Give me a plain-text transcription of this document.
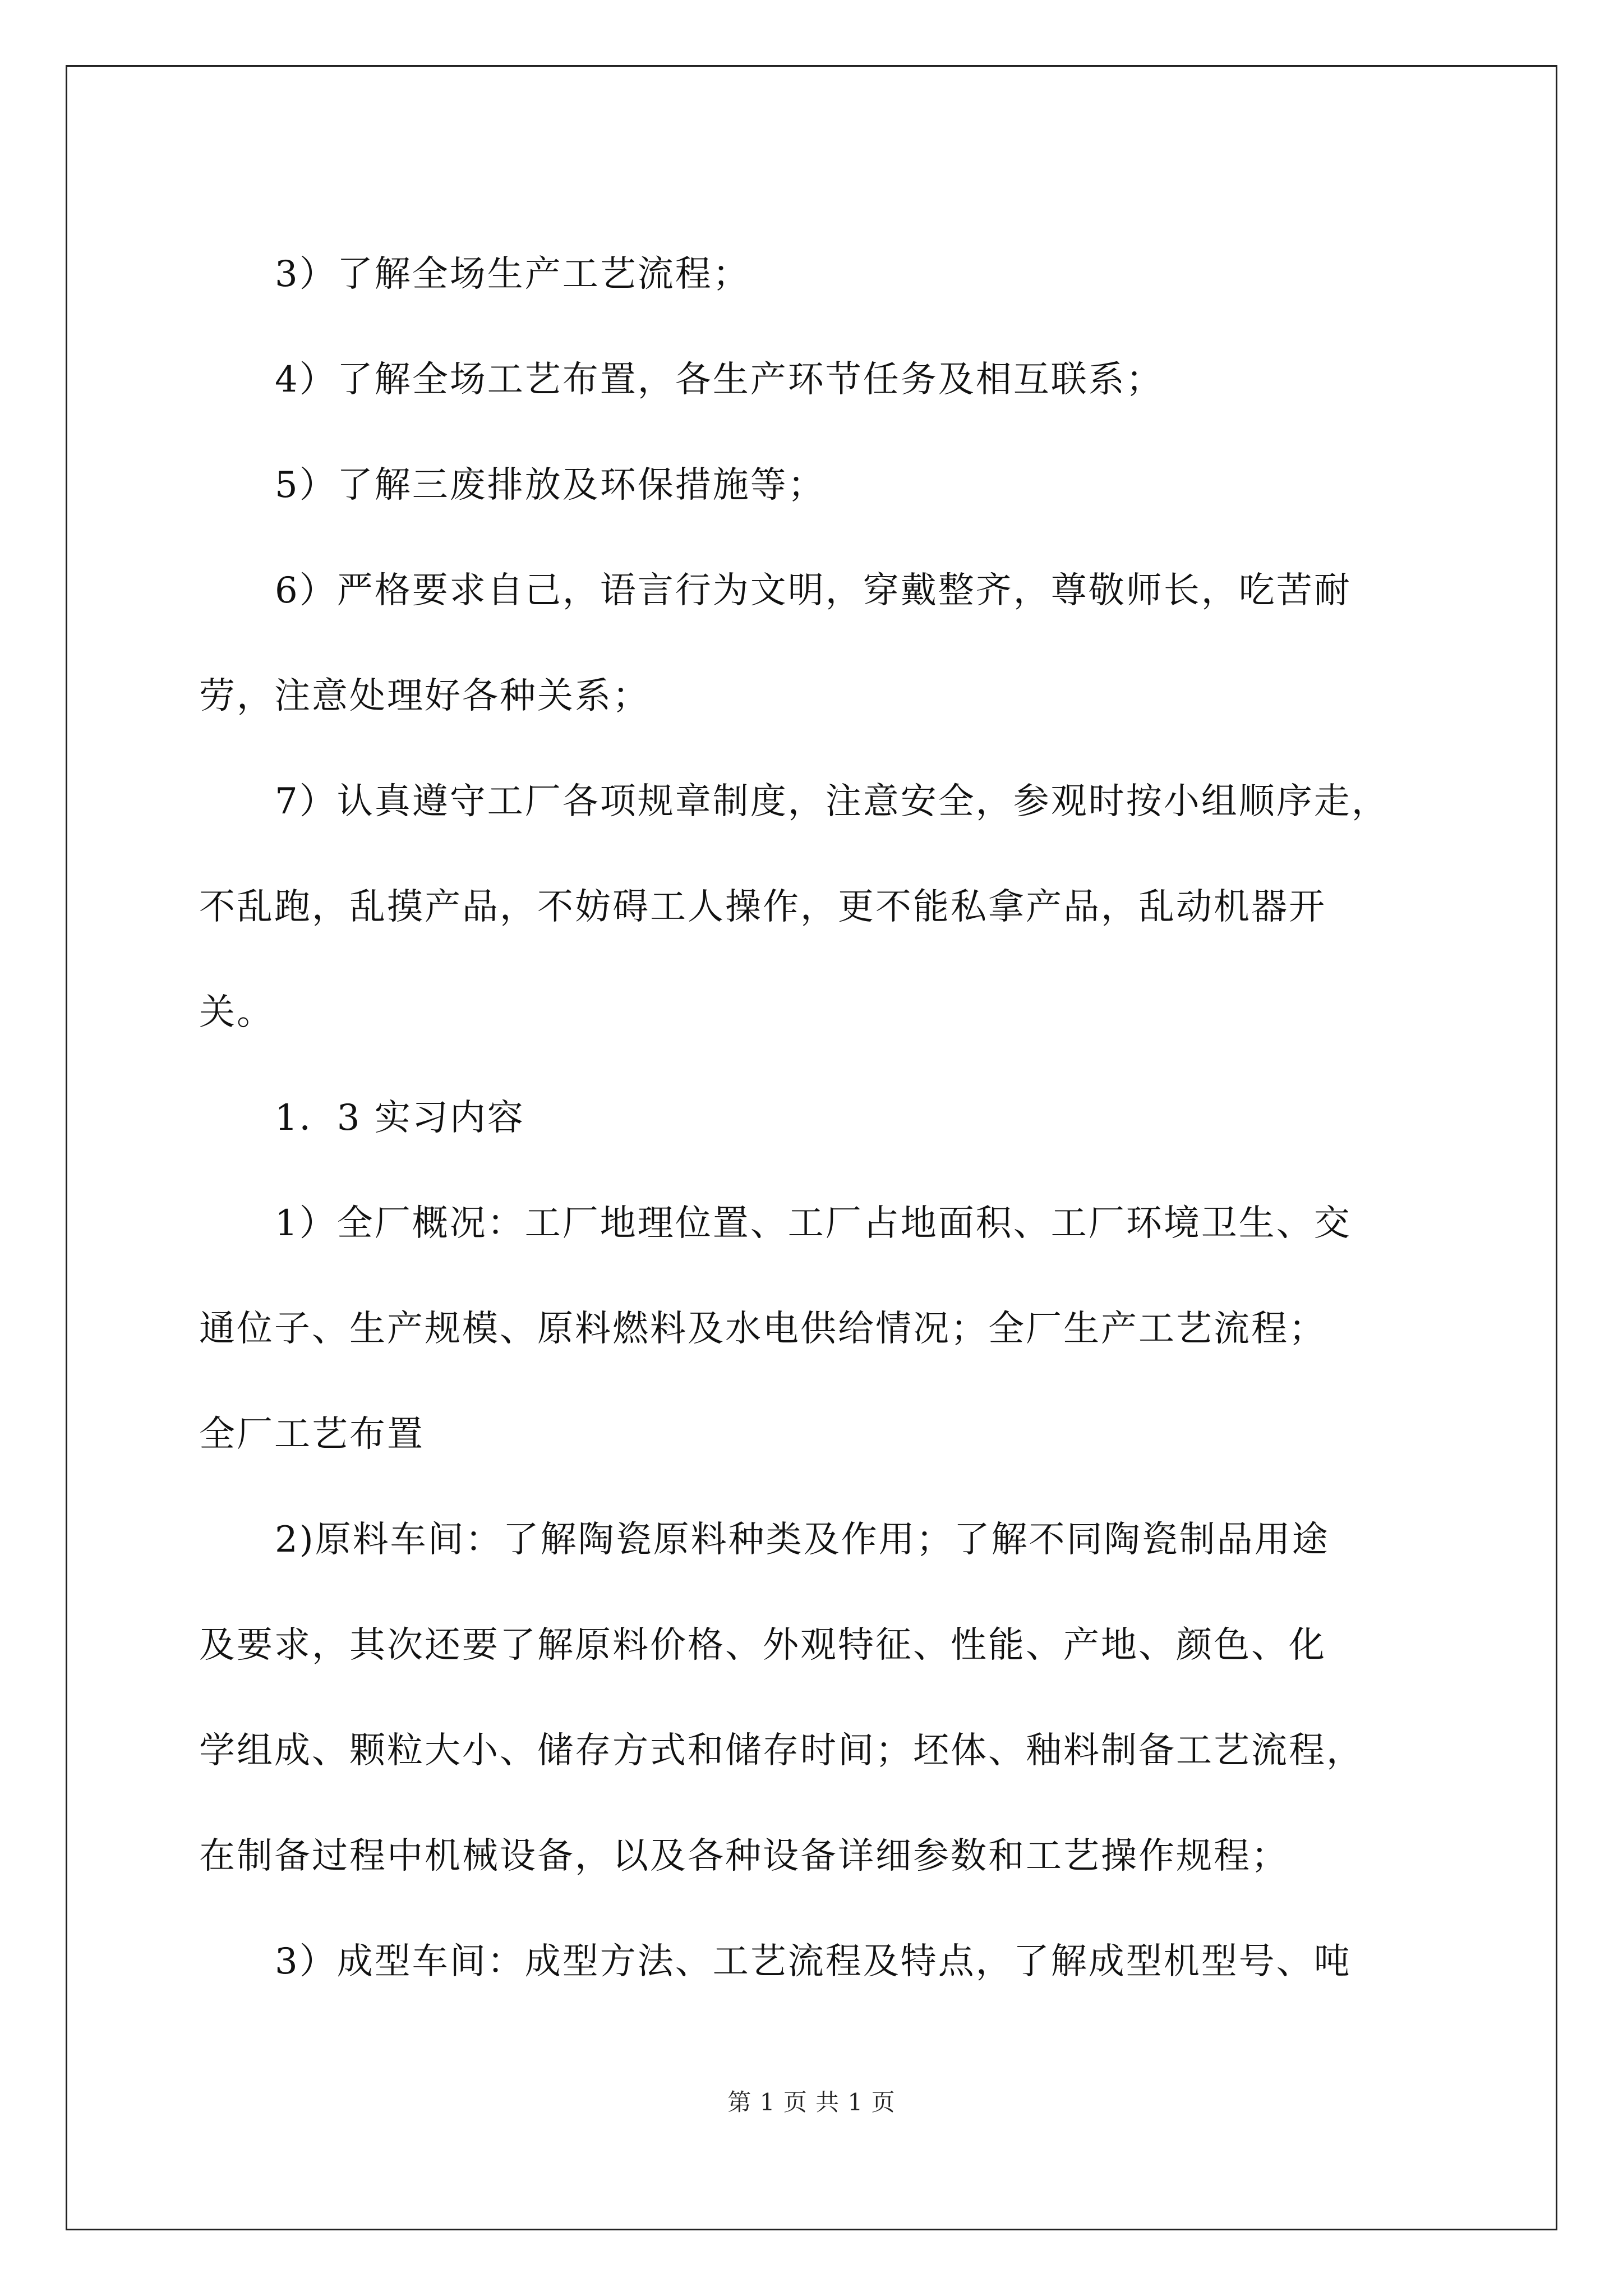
3）了解全场生产工艺流程；
4）了解全场工艺布置，各生产环节任务及相互联系；
5）了解三废排放及环保措施等；
6）严格要求自己，语言行为文明，穿戴整齐，尊敬师长，吃苦耐
劳，注意处理好各种关系；
7）认真遵守工厂各项规章制度，注意安全，参观时按小组顺序走，
不乱跑，乱摸产品，不妨碍工人操作，更不能私拿产品，乱动机器开
关。
1．3 实习内容
1）全厂概况：工厂地理位置、工厂占地面积、工厂环境卫生、交
通位子、生产规模、原料燃料及水电供给情况；全厂生产工艺流程；
全厂工艺布置
2)原料车间：了解陶瓷原料种类及作用；了解不同陶瓷制品用途
及要求，其次还要了解原料价格、外观特征、性能、产地、颜色、化
学组成、颗粒大小、储存方式和储存时间；坯体、釉料制备工艺流程，
在制备过程中机械设备，以及各种设备详细参数和工艺操作规程；
3）成型车间：成型方法、工艺流程及特点，了解成型机型号、吨
第 1 页 共 1 页
